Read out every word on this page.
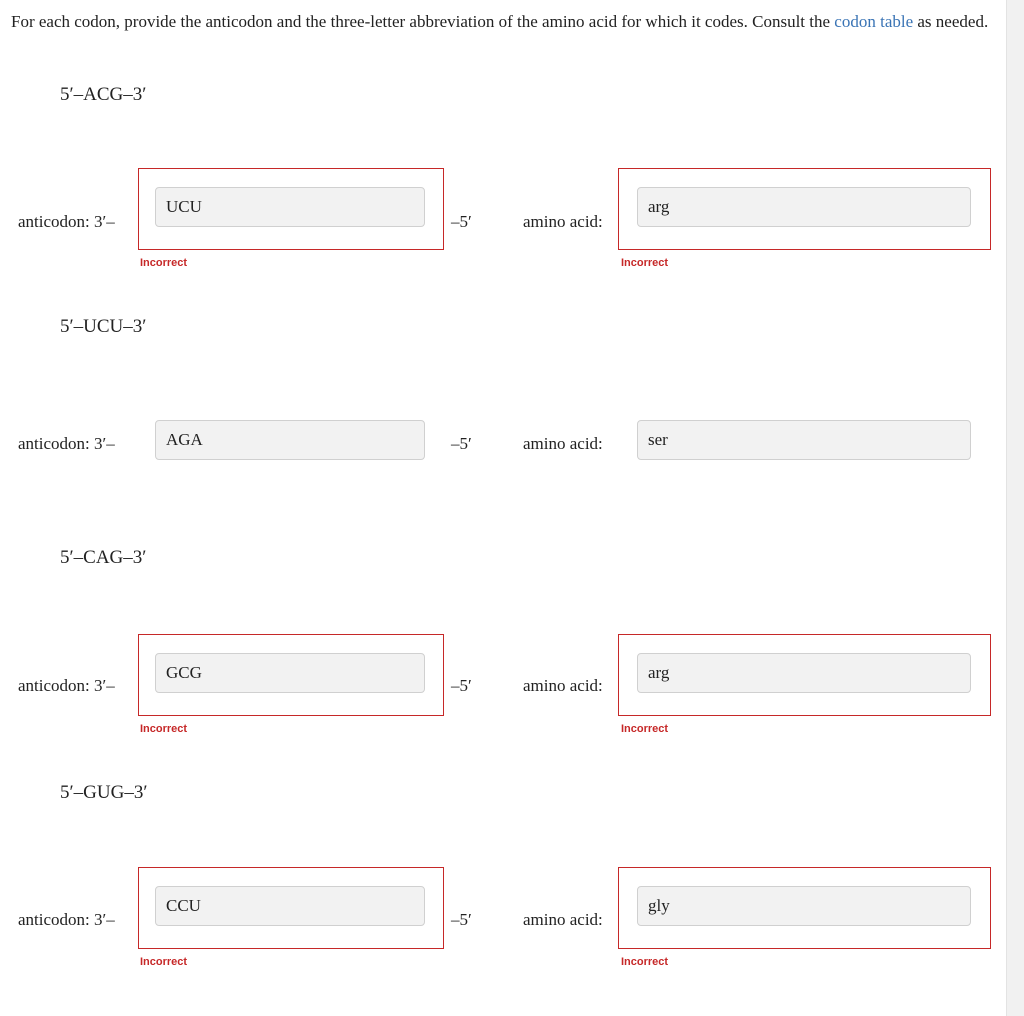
For each codon, provide the anticodon and the three-letter abbreviation of the amino acid for which it codes. Consult the codon table as needed.
5′–ACG–3′
anticodon: 3′–
UCU
–5′	amino acid:
arg
Incorrect	Incorrect
5′–UCU–3′
anticodon: 3′–	AGA	–5′	amino acid:	ser
5′–CAG–3′
anticodon: 3′–
GCG
–5′	amino acid:
arg
Incorrect	Incorrect
5′–GUG–3′
anticodon: 3′–
CCU
–5′	amino acid:
gly
Incorrect	Incorrect
